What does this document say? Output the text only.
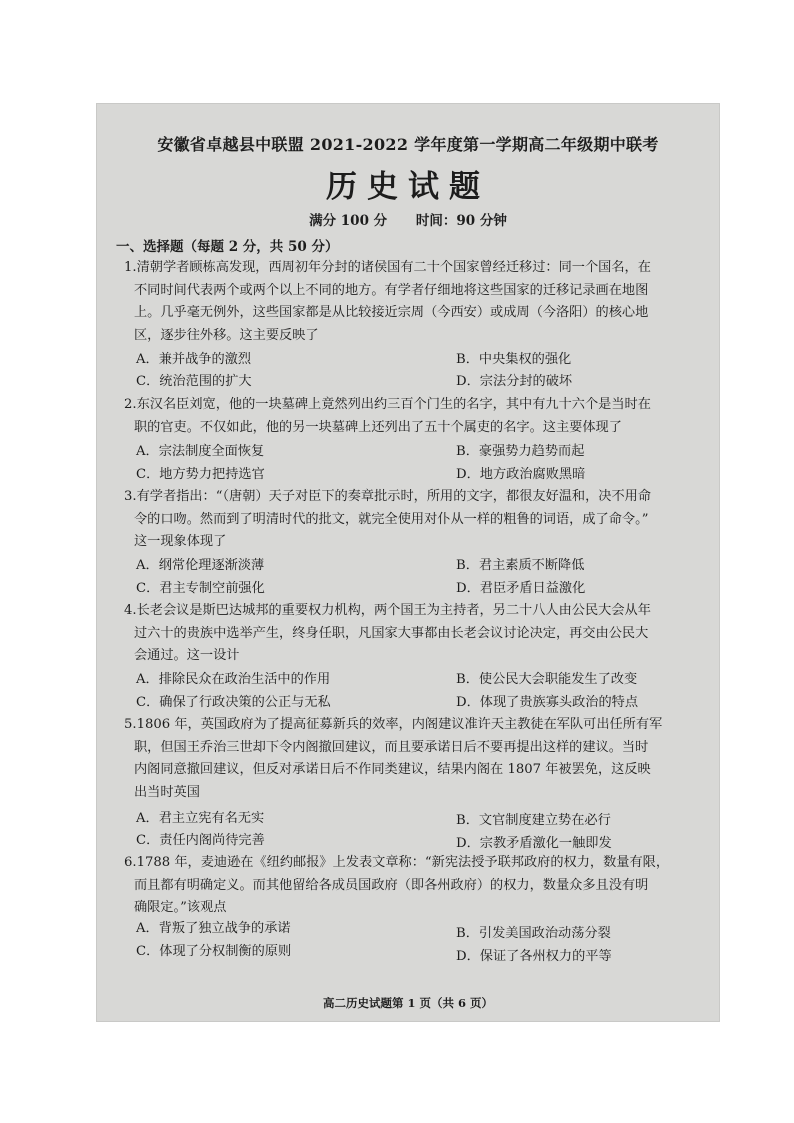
安徽省卓越县中联盟 2021-2022 学年度第一学期高二年级期中联考
历史试题
满分 100 分 时间：90 分钟
一、选择题（每题 2 分，共 50 分）
1.清朝学者顾栋高发现，西周初年分封的诸侯国有二十个国家曾经迁移过：同一个国名，在
不同时间代表两个或两个以上不同的地方。有学者仔细地将这些国家的迁移记录画在地图
上。几乎毫无例外，这些国家都是从比较接近宗周（今西安）或成周（今洛阳）的核心地
区，逐步往外移。这主要反映了
A．兼并战争的激烈	B．中央集权的强化
C．统治范围的扩大	D．宗法分封的破坏
2.东汉名臣刘宽，他的一块墓碑上竟然列出约三百个门生的名字，其中有九十六个是当时在
职的官吏。不仅如此，他的另一块墓碑上还列出了五十个属吏的名字。这主要体现了
A．宗法制度全面恢复	B．豪强势力趋势而起
C．地方势力把持选官	D．地方政治腐败黑暗
3.有学者指出：“（唐朝）天子对臣下的奏章批示时，所用的文字，都很友好温和，决不用命
令的口吻。然而到了明清时代的批文，就完全使用对仆从一样的粗鲁的词语，成了命令。”
这一现象体现了
A．纲常伦理逐渐淡薄	B．君主素质不断降低
C．君主专制空前强化	D．君臣矛盾日益激化
4.长老会议是斯巴达城邦的重要权力机构，两个国王为主持者，另二十八人由公民大会从年
过六十的贵族中选举产生，终身任职，凡国家大事都由长老会议讨论决定，再交由公民大
会通过。这一设计
A．排除民众在政治生活中的作用	B．使公民大会职能发生了改变
C．确保了行政决策的公正与无私	D．体现了贵族寡头政治的特点
5.1806 年，英国政府为了提高征募新兵的效率，内阁建议准许天主教徒在军队可出任所有军
职，但国王乔治三世却下令内阁撤回建议，而且要承诺日后不要再提出这样的建议。当时
内阁同意撤回建议，但反对承诺日后不作同类建议，结果内阁在 1807 年被罢免，这反映
出当时英国
A．君主立宪有名无实	B．文官制度建立势在必行
C．责任内阁尚待完善	D．宗教矛盾激化一触即发
6.1788 年，麦迪逊在《纽约邮报》上发表文章称：“新宪法授予联邦政府的权力，数量有限，
而且都有明确定义。而其他留给各成员国政府（即各州政府）的权力，数量众多且没有明
确限定。”该观点
A．背叛了独立战争的承诺	B．引发美国政治动荡分裂
C．体现了分权制衡的原则	D．保证了各州权力的平等
高二历史试题第 1 页（共 6 页）
